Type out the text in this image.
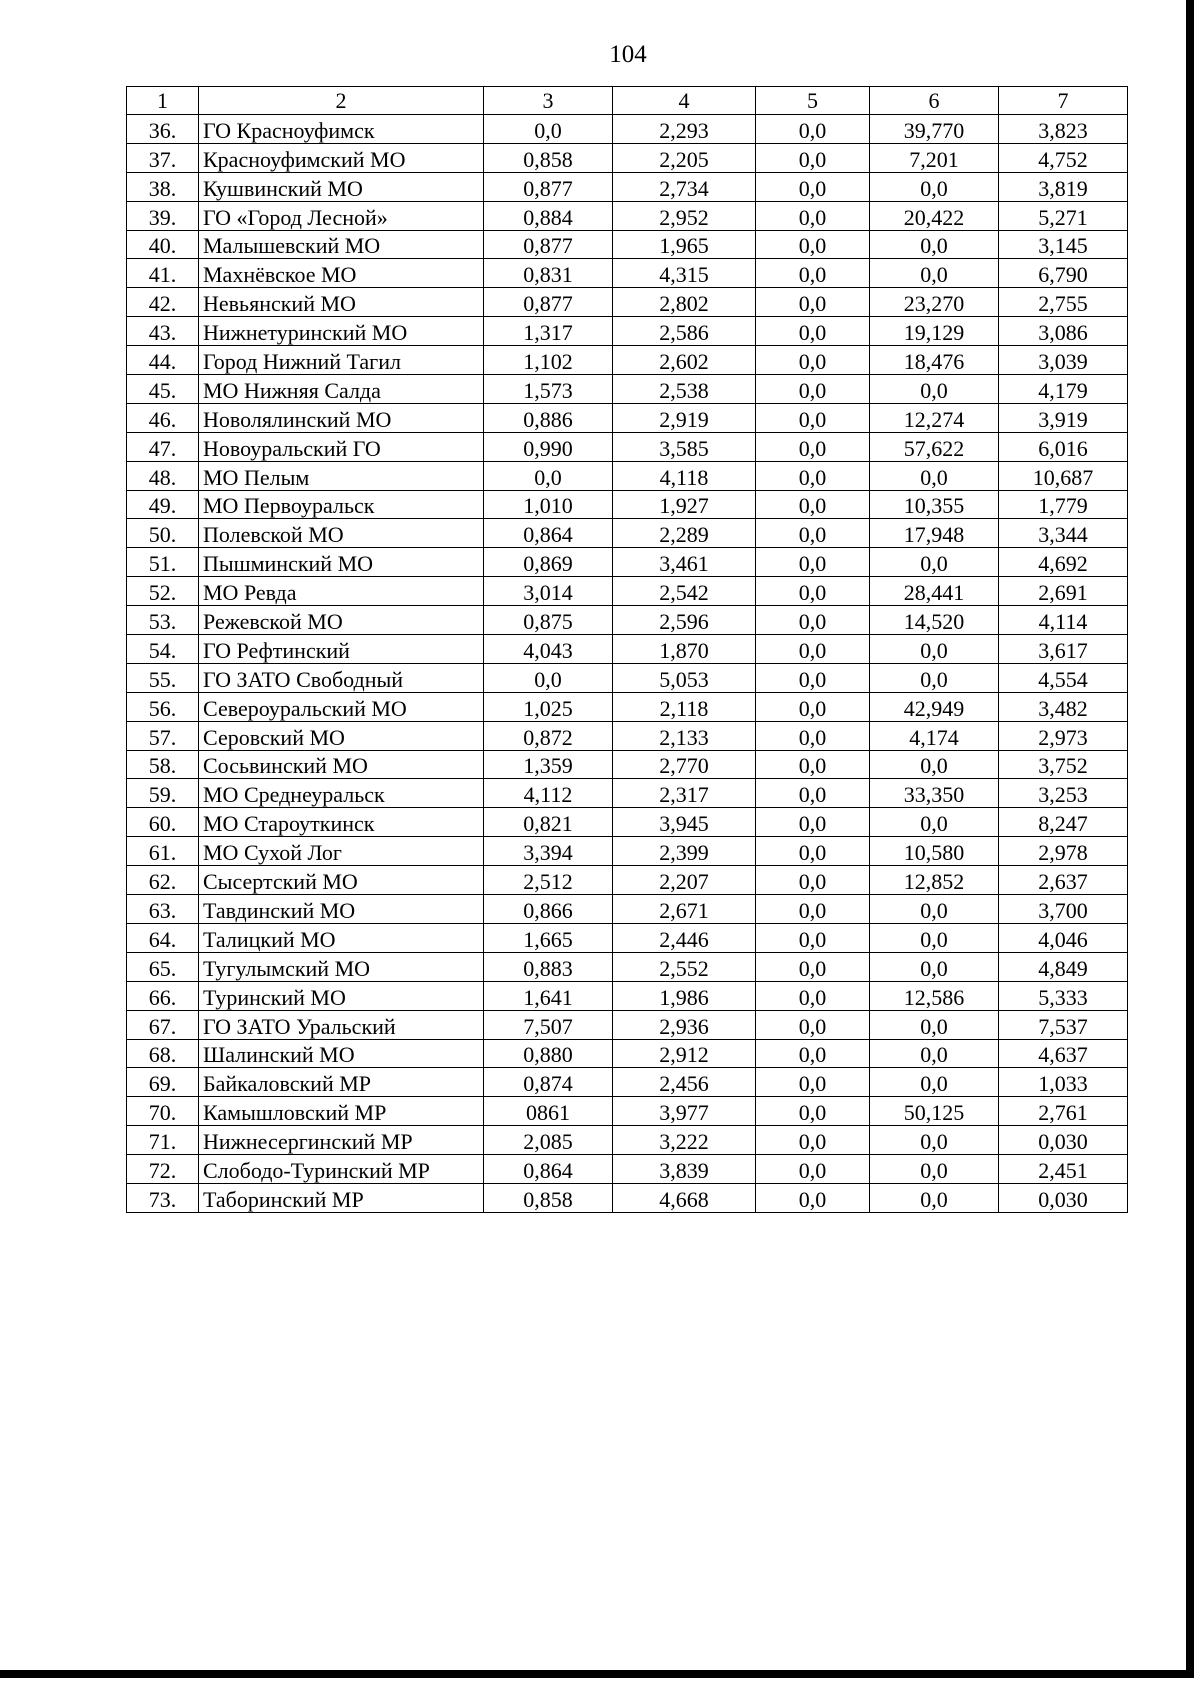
104
1	2	3	4	5	6	7
36.	ГО Красноуфимск	0,0	2,293	0,0	39,770	3,823
37.	Красноуфимский МО	0,858	2,205	0,0	7,201	4,752
38.	Кушвинский МО	0,877	2,734	0,0	0,0	3,819
39.	ГО «Город Лесной»	0,884	2,952	0,0	20,422	5,271
40.	Малышевский МО	0,877	1,965	0,0	0,0	3,145
41.	Махнёвское МО	0,831	4,315	0,0	0,0	6,790
42.	Невьянский МО	0,877	2,802	0,0	23,270	2,755
43.	Нижнетуринский МО	1,317	2,586	0,0	19,129	3,086
44.	Город Нижний Тагил	1,102	2,602	0,0	18,476	3,039
45.	МО Нижняя Салда	1,573	2,538	0,0	0,0	4,179
46.	Новолялинский МО	0,886	2,919	0,0	12,274	3,919
47.	Новоуральский ГО	0,990	3,585	0,0	57,622	6,016
48.	МО Пелым	0,0	4,118	0,0	0,0	10,687
49.	МО Первоуральск	1,010	1,927	0,0	10,355	1,779
50.	Полевской МО	0,864	2,289	0,0	17,948	3,344
51.	Пышминский МО	0,869	3,461	0,0	0,0	4,692
52.	МО Ревда	3,014	2,542	0,0	28,441	2,691
53.	Режевской МО	0,875	2,596	0,0	14,520	4,114
54.	ГО Рефтинский	4,043	1,870	0,0	0,0	3,617
55.	ГО ЗАТО Свободный	0,0	5,053	0,0	0,0	4,554
56.	Североуральский МО	1,025	2,118	0,0	42,949	3,482
57.	Серовский МО	0,872	2,133	0,0	4,174	2,973
58.	Сосьвинский МО	1,359	2,770	0,0	0,0	3,752
59.	МО Среднеуральск	4,112	2,317	0,0	33,350	3,253
60.	МО Староуткинск	0,821	3,945	0,0	0,0	8,247
61.	МО Сухой Лог	3,394	2,399	0,0	10,580	2,978
62.	Сысертский МО	2,512	2,207	0,0	12,852	2,637
63.	Тавдинский МО	0,866	2,671	0,0	0,0	3,700
64.	Талицкий МО	1,665	2,446	0,0	0,0	4,046
65.	Тугулымский МО	0,883	2,552	0,0	0,0	4,849
66.	Туринский МО	1,641	1,986	0,0	12,586	5,333
67.	ГО ЗАТО Уральский	7,507	2,936	0,0	0,0	7,537
68.	Шалинский МО	0,880	2,912	0,0	0,0	4,637
69.	Байкаловский МР	0,874	2,456	0,0	0,0	1,033
70.	Камышловский МР	0861	3,977	0,0	50,125	2,761
71.	Нижнесергинский МР	2,085	3,222	0,0	0,0	0,030
72.	Слободо-Туринский МР	0,864	3,839	0,0	0,0	2,451
73.	Таборинский МР	0,858	4,668	0,0	0,0	0,030
